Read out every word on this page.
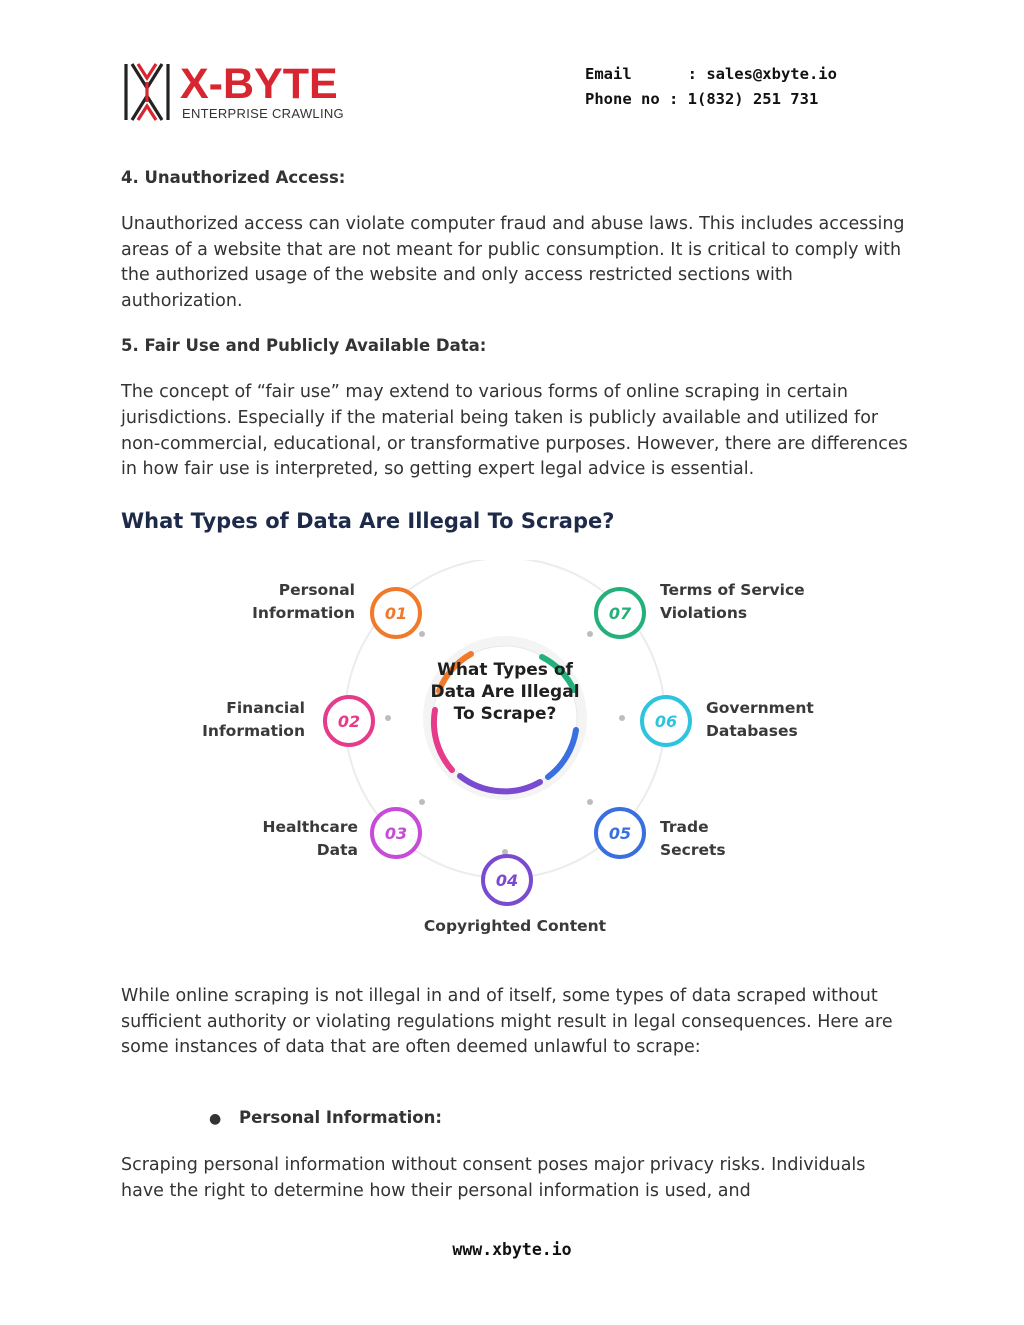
X-BYTE
ENTERPRISE CRAWLING
Email      : sales@xbyte.io
Phone no : 1(832) 251 731

4. Unauthorized Access:

Unauthorized access can violate computer fraud and abuse laws. This includes accessing areas of a website that are not meant for public consumption. It is critical to comply with the authorized usage of the website and only access restricted sections with authorization.

5. Fair Use and Publicly Available Data:

The concept of “fair use” may extend to various forms of online scraping in certain jurisdictions. Especially if the material being taken is publicly available and utilized for non-commercial, educational, or transformative purposes. However, there are differences in how fair use is interpreted, so getting expert legal advice is essential.

What Types of Data Are Illegal To Scrape?

What Types of Data Are Illegal To Scrape?
01
Personal
Information
02
Financial
Information
03
Healthcare
Data
04
Copyrighted Content
05 Trade
Secrets
06
Government
Databases
07
Terms of Service
Violations

While online scraping is not illegal in and of itself, some types of data scraped without sufficient authority or violating regulations might result in legal consequences. Here are some instances of data that are often deemed unlawful to scrape:

● Personal Information:

Scraping personal information without consent poses major privacy risks. Individuals have the right to determine how their personal information is used, and

www.xbyte.io
